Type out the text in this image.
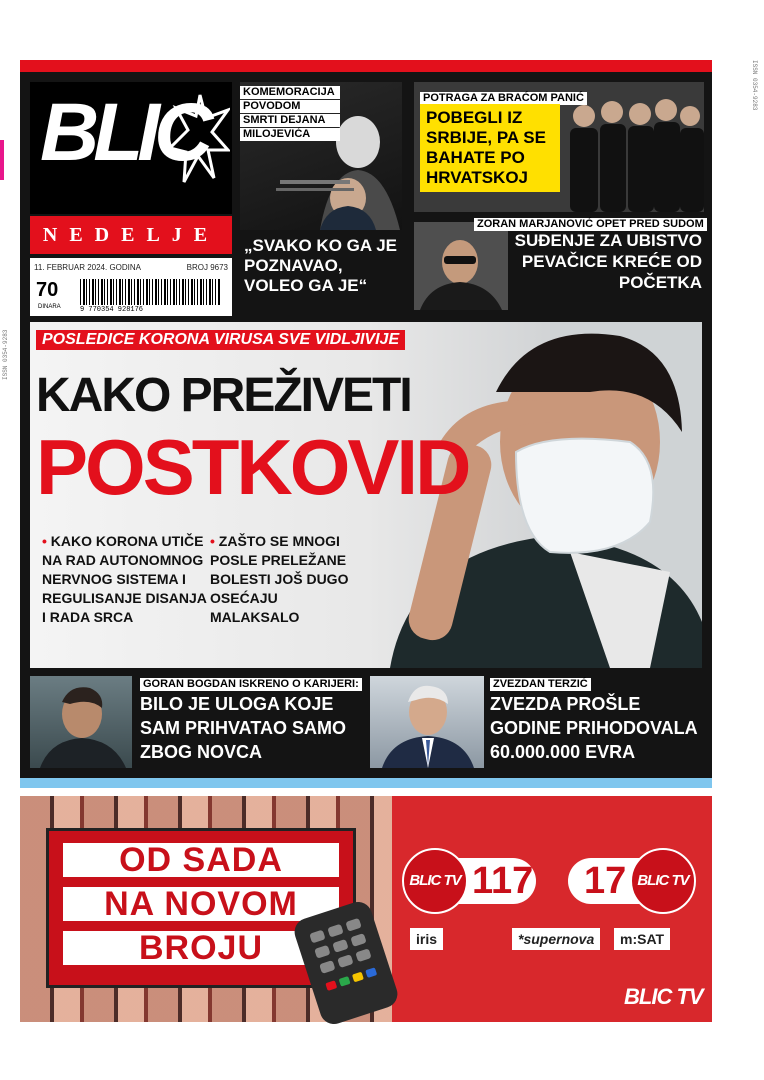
ISSN 0354-9283
ISSN 0354-9283
BLIC
NEDELJE
11. FEBRUAR 2024. GODINA	BROJ 9673
70
DINARA	9 770354 928176
KOMEMORACIJA
POVODOM
SMRTI DEJANA
MILOJEVIĆA
„SVAKO KO GA JE POZNAVAO, VOLEO GA JE“
POTRAGA ZA BRAĆOM PANIĆ
POBEGLI IZ SRBIJE, PA SE BAHATE PO HRVATSKOJ
ZORAN MARJANOVIĆ OPET PRED SUDOM
SUĐENJE ZA UBISTVO PEVAČICE KREĆE OD POČETKA
POSLEDICE KORONA VIRUSA SVE VIDLJIVIJE
KAKO PREŽIVETI
POSTKOVID
• KAKO KORONA UTIČE NA RAD AUTONOMNOG NERVNOG SISTEMA I REGULISANJE DISANJA I RADA SRCA
• ZAŠTO SE MNOGI POSLE PRELEŽANE BOLESTI JOŠ DUGO OSEĆAJU MALAKSALO
GORAN BOGDAN ISKRENO O KARIJERI:
BILO JE ULOGA KOJE SAM PRIHVATAO SAMO ZBOG NOVCA
ZVEZDAN TERZIĆ
ZVEZDA PROŠLE GODINE PRIHODOVALA 60.000.000 EVRA
OD SADA
NA NOVOM
BROJU
BLIC TV 117 17 BLIC TV
iris	*supernova	m:SAT
BLIC TV
